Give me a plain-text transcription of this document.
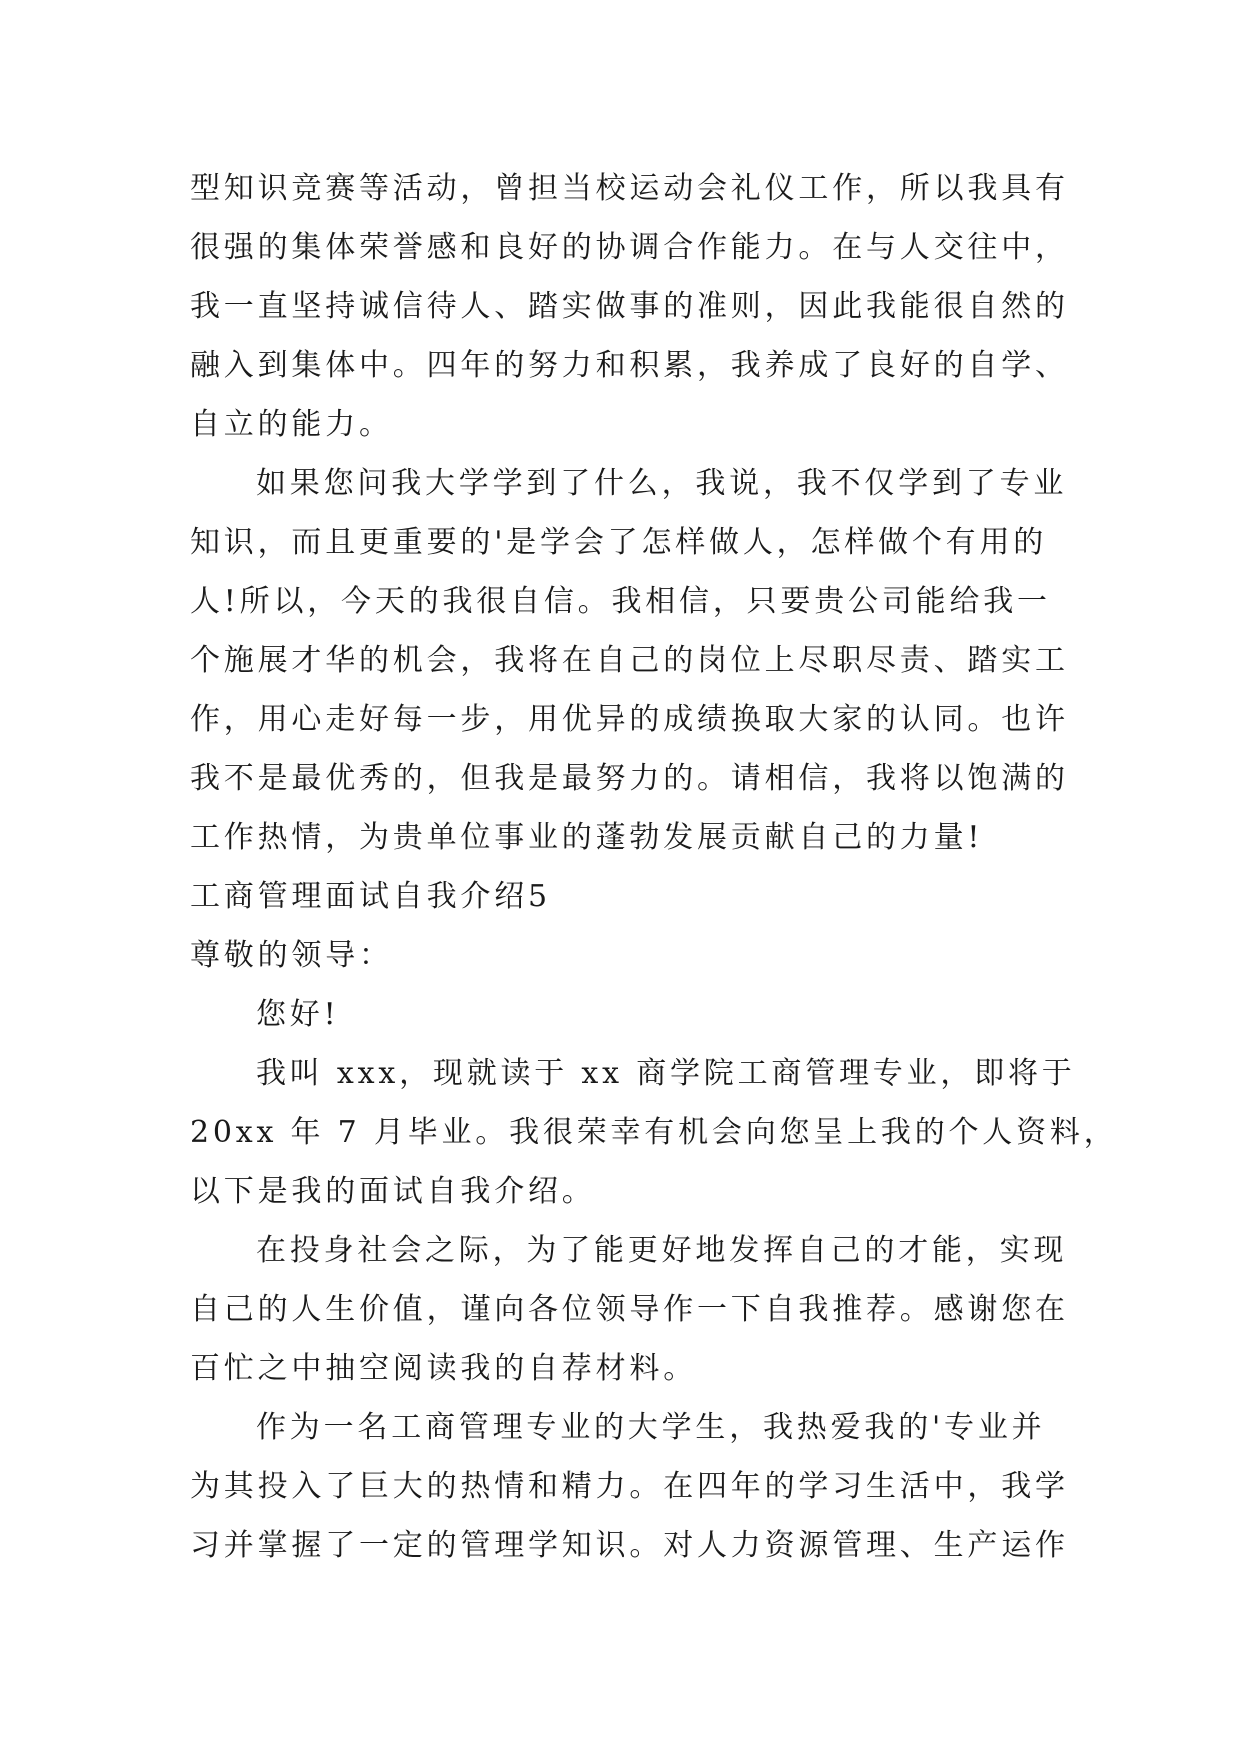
型知识竞赛等活动，曾担当校运动会礼仪工作，所以我具有
很强的集体荣誉感和良好的协调合作能力。在与人交往中，
我一直坚持诚信待人、踏实做事的准则，因此我能很自然的
融入到集体中。四年的努力和积累，我养成了良好的自学、
自立的能力。
如果您问我大学学到了什么，我说，我不仅学到了专业
知识，而且更重要的'是学会了怎样做人，怎样做个有用的
人!所以，今天的我很自信。我相信，只要贵公司能给我一
个施展才华的机会，我将在自己的岗位上尽职尽责、踏实工
作，用心走好每一步，用优异的成绩换取大家的认同。也许
我不是最优秀的，但我是最努力的。请相信，我将以饱满的
工作热情，为贵单位事业的蓬勃发展贡献自己的力量!
工商管理面试自我介绍5
尊敬的领导：
您好!
我叫 xxx，现就读于 xx 商学院工商管理专业，即将于
20xx 年 7 月毕业。我很荣幸有机会向您呈上我的个人资料，
以下是我的面试自我介绍。
在投身社会之际，为了能更好地发挥自己的才能，实现
自己的人生价值，谨向各位领导作一下自我推荐。感谢您在
百忙之中抽空阅读我的自荐材料。
作为一名工商管理专业的大学生，我热爱我的'专业并
为其投入了巨大的热情和精力。在四年的学习生活中，我学
习并掌握了一定的管理学知识。对人力资源管理、生产运作
